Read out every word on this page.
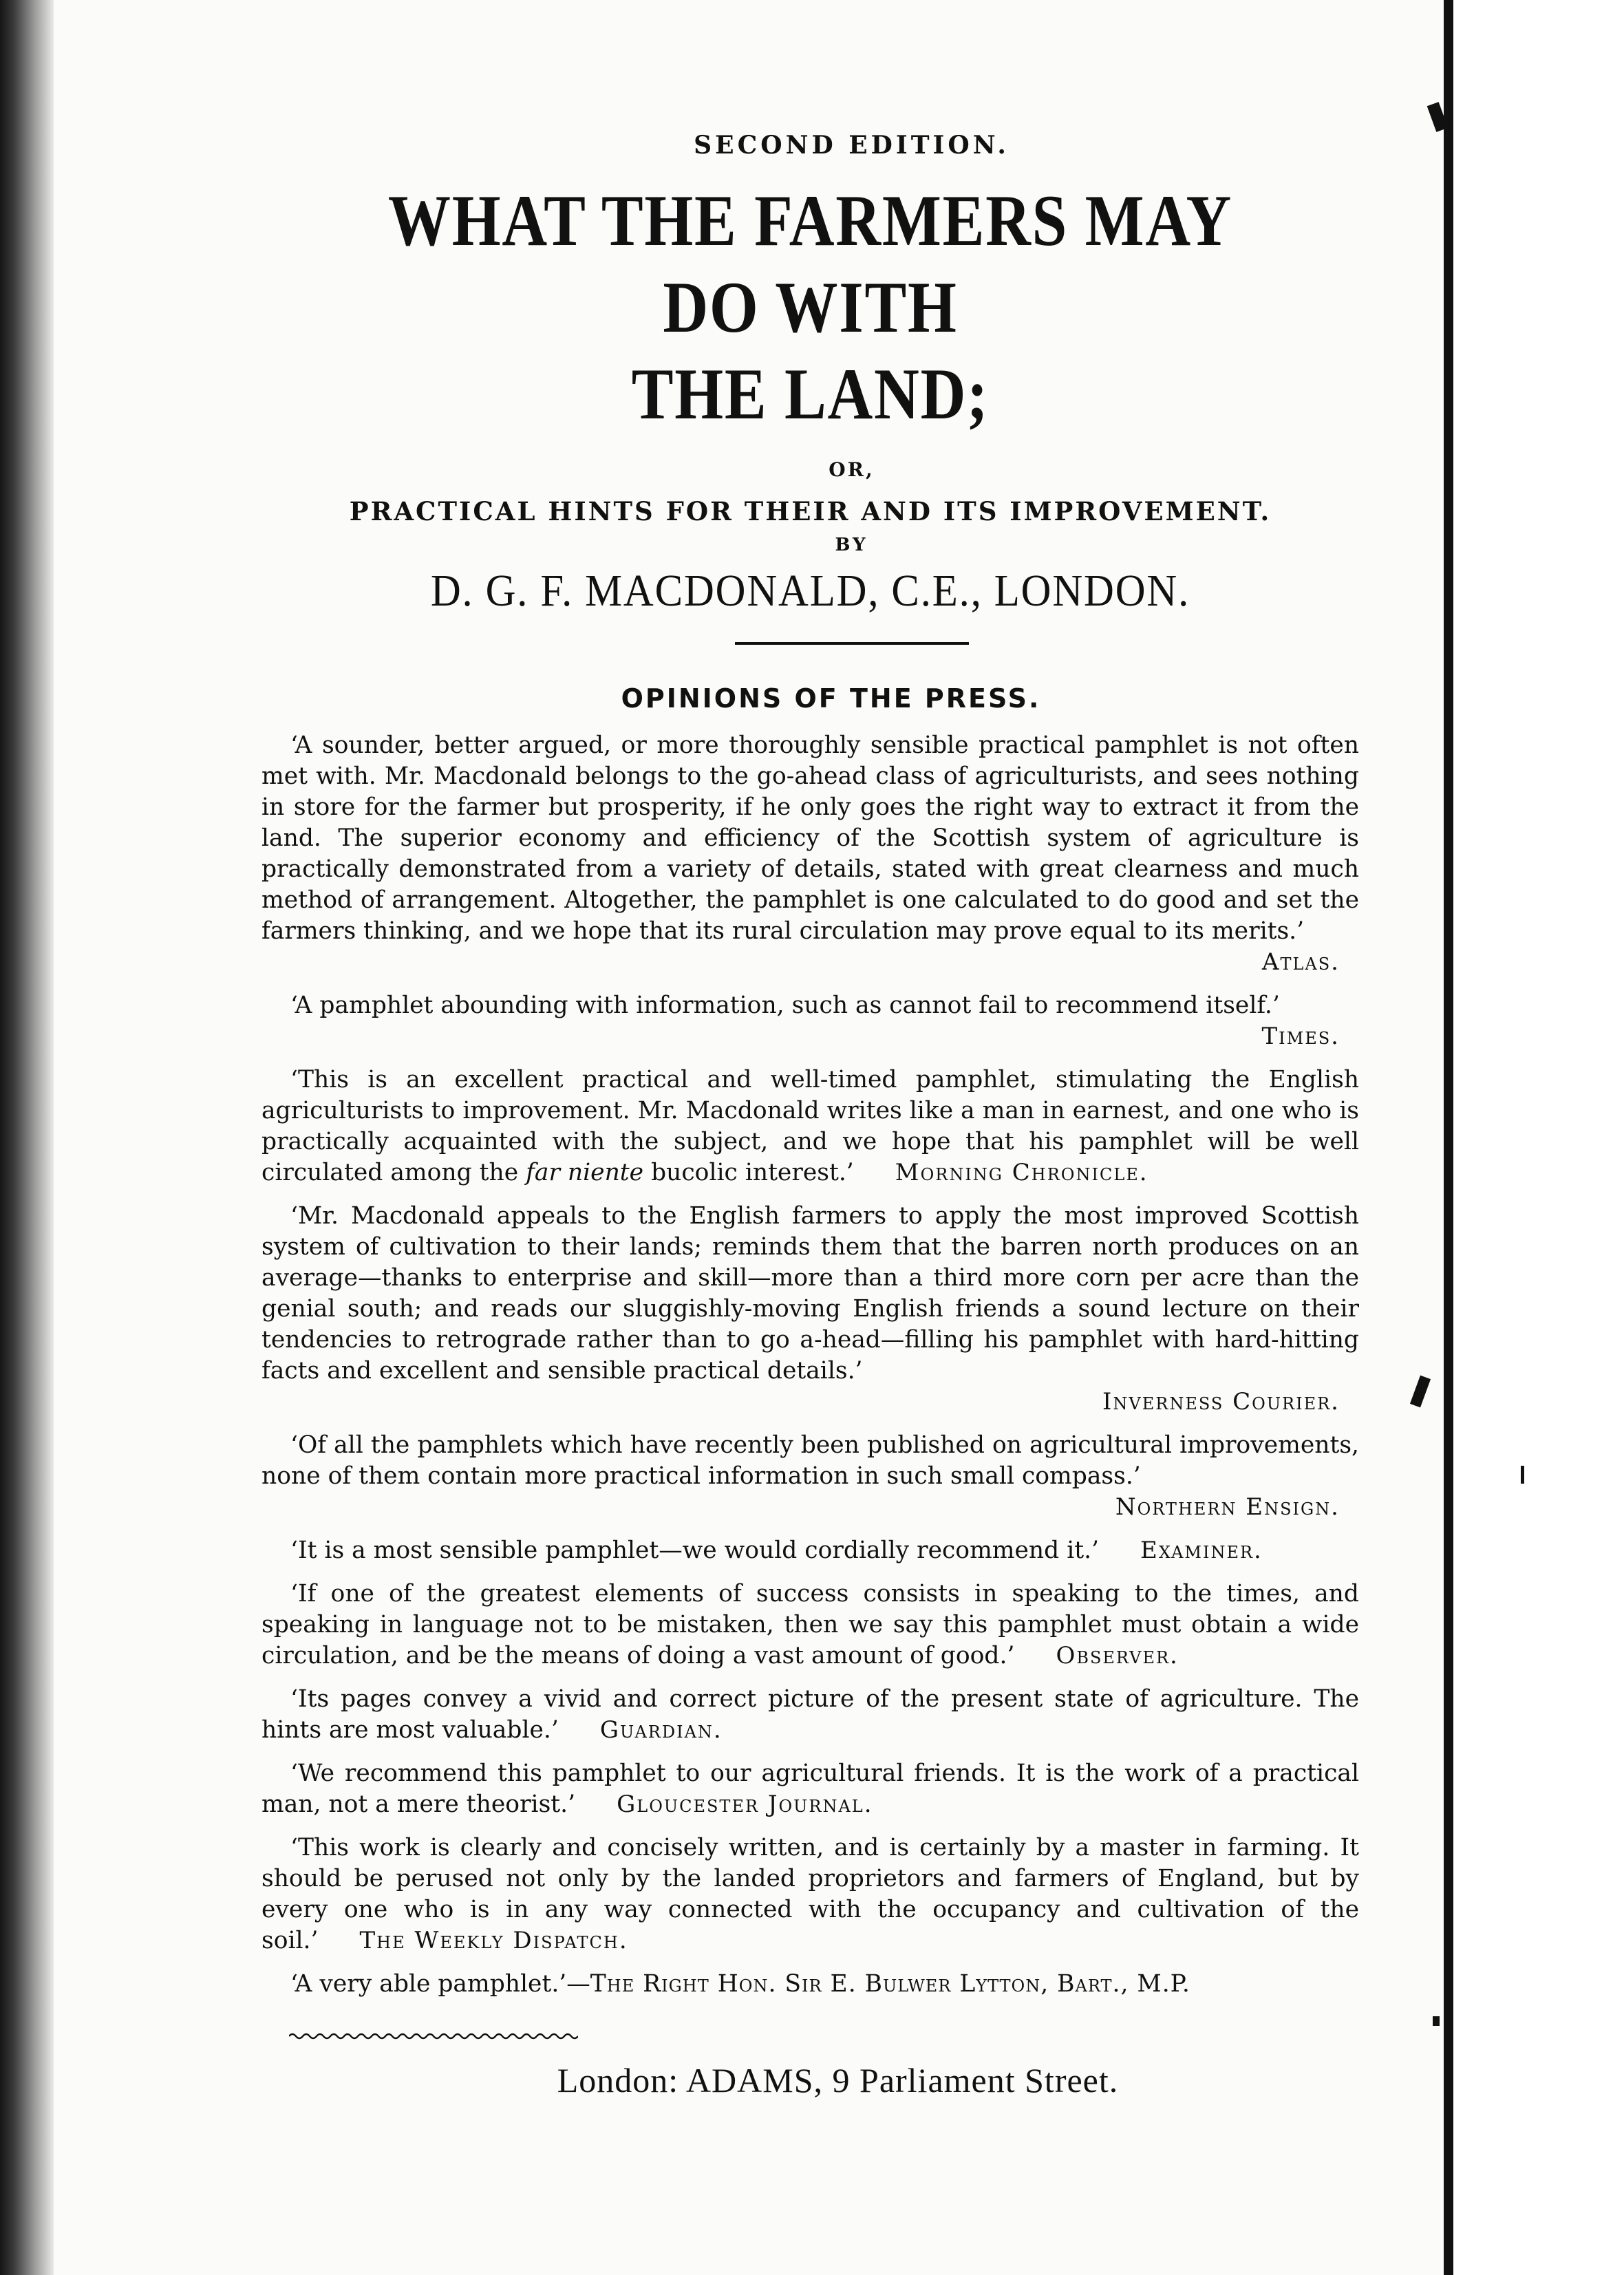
SECOND EDITION.
WHAT THE FARMERS MAY DO WITH
THE LAND;
OR,
PRACTICAL HINTS FOR THEIR AND ITS IMPROVEMENT.
BY
D. G. F. MACDONALD, C.E., LONDON.
OPINIONS OF THE PRESS.

‘A sounder, better argued, or more thoroughly sensible practical pamphlet is not often met with. Mr. Macdonald belongs to the go-ahead class of agriculturists, and sees nothing in store for the farmer but prosperity, if he only goes the right way to extract it from the land. The superior economy and efficiency of the Scottish system of agriculture is practically demonstrated from a variety of details, stated with great clearness and much method of arrangement. Altogether, the pamphlet is one calculated to do good and set the farmers thinking, and we hope that its rural circulation may prove equal to its merits.’

Atlas.

‘A pamphlet abounding with information, such as cannot fail to recommend itself.’

Times.

‘This is an excellent practical and well-timed pamphlet, stimulating the English agriculturists to improvement. Mr. Macdonald writes like a man in earnest, and one who is practically acquainted with the subject, and we hope that his pamphlet will be well circulated among the far niente bucolic interest.’ Morning Chronicle.

‘Mr. Macdonald appeals to the English farmers to apply the most improved Scottish system of cultivation to their lands; reminds them that the barren north produces on an average—thanks to enterprise and skill—more than a third more corn per acre than the genial south; and reads our sluggishly-moving English friends a sound lecture on their tendencies to retrograde rather than to go a-head—filling his pamphlet with hard-hitting facts and excellent and sensible practical details.’

Inverness Courier.

‘Of all the pamphlets which have recently been published on agricultural improvements, none of them contain more practical information in such small compass.’

Northern Ensign.

‘It is a most sensible pamphlet—we would cordially recommend it.’ Examiner.

‘If one of the greatest elements of success consists in speaking to the times, and speaking in language not to be mistaken, then we say this pamphlet must obtain a wide circulation, and be the means of doing a vast amount of good.’ Observer.

‘Its pages convey a vivid and correct picture of the present state of agriculture. The hints are most valuable.’ Guardian.

‘We recommend this pamphlet to our agricultural friends. It is the work of a practical man, not a mere theorist.’ Gloucester Journal.

‘This work is clearly and concisely written, and is certainly by a master in farming. It should be perused not only by the landed proprietors and farmers of England, but by every one who is in any way connected with the occupancy and cultivation of the soil.’ The Weekly Dispatch.

‘A very able pamphlet.’—The Right Hon. Sir E. Bulwer Lytton, Bart., M.P.

London: ADAMS, 9 Parliament Street.
